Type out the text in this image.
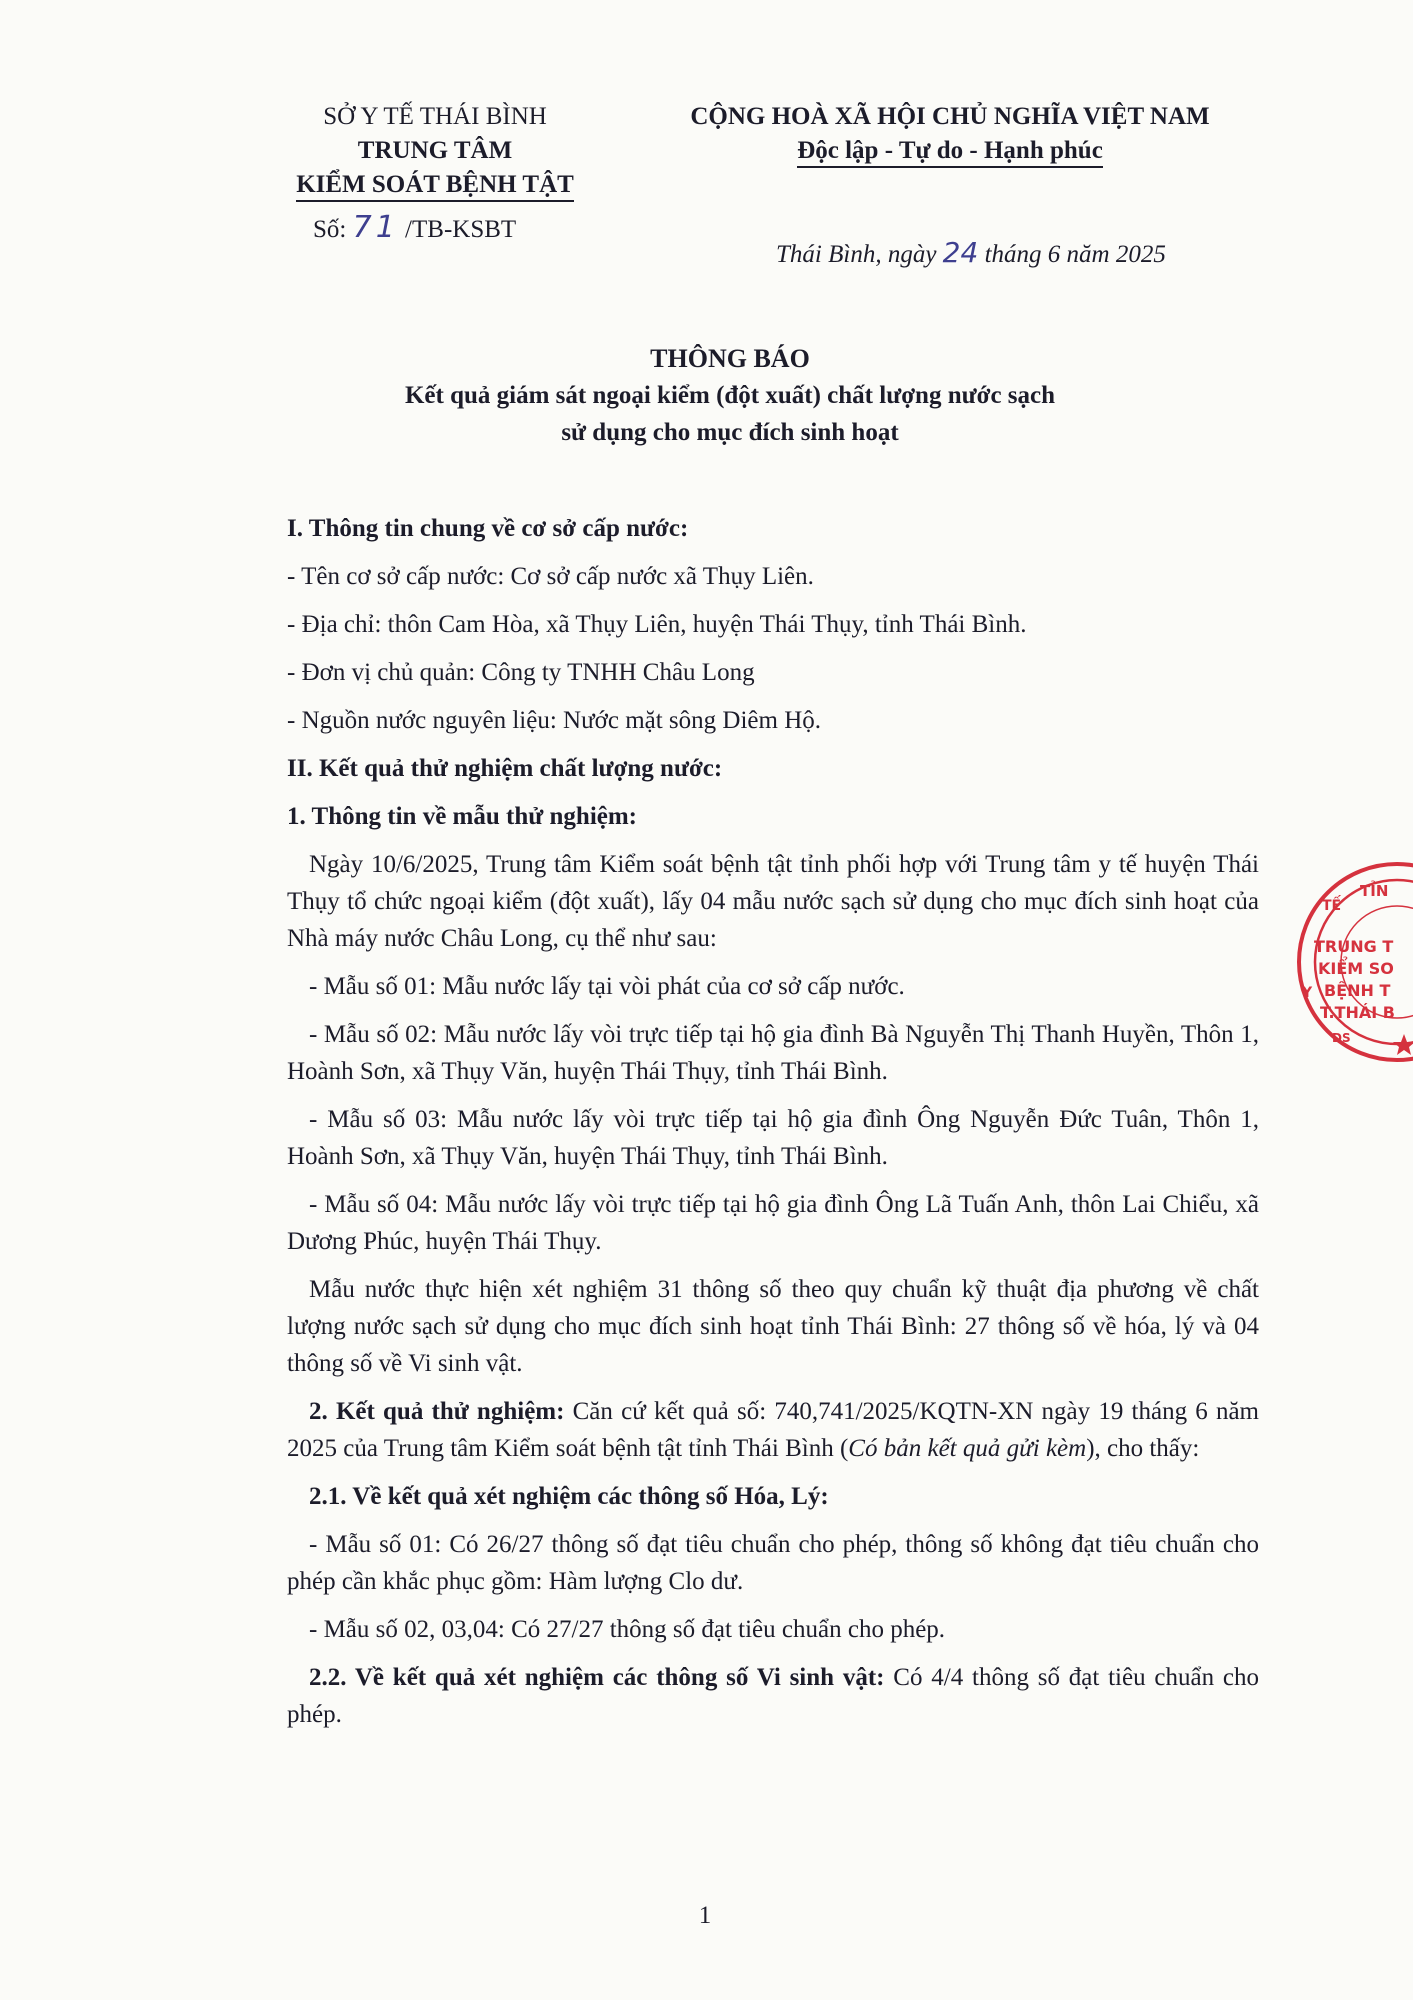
SỞ Y TẾ THÁI BÌNH
TRUNG TÂM
KIỂM SOÁT BỆNH TẬT
Số: 71 /TB-KSBT
CỘNG HOÀ XÃ HỘI CHỦ NGHĨA VIỆT NAM
Độc lập - Tự do - Hạnh phúc
Thái Bình, ngày 24 tháng 6 năm 2025
THÔNG BÁO
Kết quả giám sát ngoại kiểm (đột xuất) chất lượng nước sạch
sử dụng cho mục đích sinh hoạt

I. Thông tin chung về cơ sở cấp nước:

- Tên cơ sở cấp nước: Cơ sở cấp nước xã Thụy Liên.

- Địa chỉ: thôn Cam Hòa, xã Thụy Liên, huyện Thái Thụy, tỉnh Thái Bình.

- Đơn vị chủ quản: Công ty TNHH Châu Long

- Nguồn nước nguyên liệu: Nước mặt sông Diêm Hộ.

II. Kết quả thử nghiệm chất lượng nước:

1. Thông tin về mẫu thử nghiệm:

Ngày 10/6/2025, Trung tâm Kiểm soát bệnh tật tỉnh phối hợp với Trung tâm y tế huyện Thái Thụy tổ chức ngoại kiểm (đột xuất), lấy 04 mẫu nước sạch sử dụng cho mục đích sinh hoạt của Nhà máy nước Châu Long, cụ thể như sau:

- Mẫu số 01: Mẫu nước lấy tại vòi phát của cơ sở cấp nước.

- Mẫu số 02: Mẫu nước lấy vòi trực tiếp tại hộ gia đình Bà Nguyễn Thị Thanh Huyền, Thôn 1, Hoành Sơn, xã Thụy Văn, huyện Thái Thụy, tỉnh Thái Bình.

- Mẫu số 03: Mẫu nước lấy vòi trực tiếp tại hộ gia đình Ông Nguyễn Đức Tuân, Thôn 1, Hoành Sơn, xã Thụy Văn, huyện Thái Thụy, tỉnh Thái Bình.

- Mẫu số 04: Mẫu nước lấy vòi trực tiếp tại hộ gia đình Ông Lã Tuấn Anh, thôn Lai Chiểu, xã Dương Phúc, huyện Thái Thụy.

Mẫu nước thực hiện xét nghiệm 31 thông số theo quy chuẩn kỹ thuật địa phương về chất lượng nước sạch sử dụng cho mục đích sinh hoạt tỉnh Thái Bình: 27 thông số về hóa, lý và 04 thông số về Vi sinh vật.

2. Kết quả thử nghiệm: Căn cứ kết quả số: 740,741/2025/KQTN-XN ngày 19 tháng 6 năm 2025 của Trung tâm Kiểm soát bệnh tật tỉnh Thái Bình (Có bản kết quả gửi kèm), cho thấy:

2.1. Về kết quả xét nghiệm các thông số Hóa, Lý:

- Mẫu số 01: Có 26/27 thông số đạt tiêu chuẩn cho phép, thông số không đạt tiêu chuẩn cho phép cần khắc phục gồm: Hàm lượng Clo dư.

- Mẫu số 02, 03,04: Có 27/27 thông số đạt tiêu chuẩn cho phép.

2.2. Về kết quả xét nghiệm các thông số Vi sinh vật: Có 4/4 thông số đạt tiêu chuẩn cho phép.

TỈN
TRUNG T
KIỂM SO
BỆNH T
T.THÁI B
Y
TẾ
DS
1
